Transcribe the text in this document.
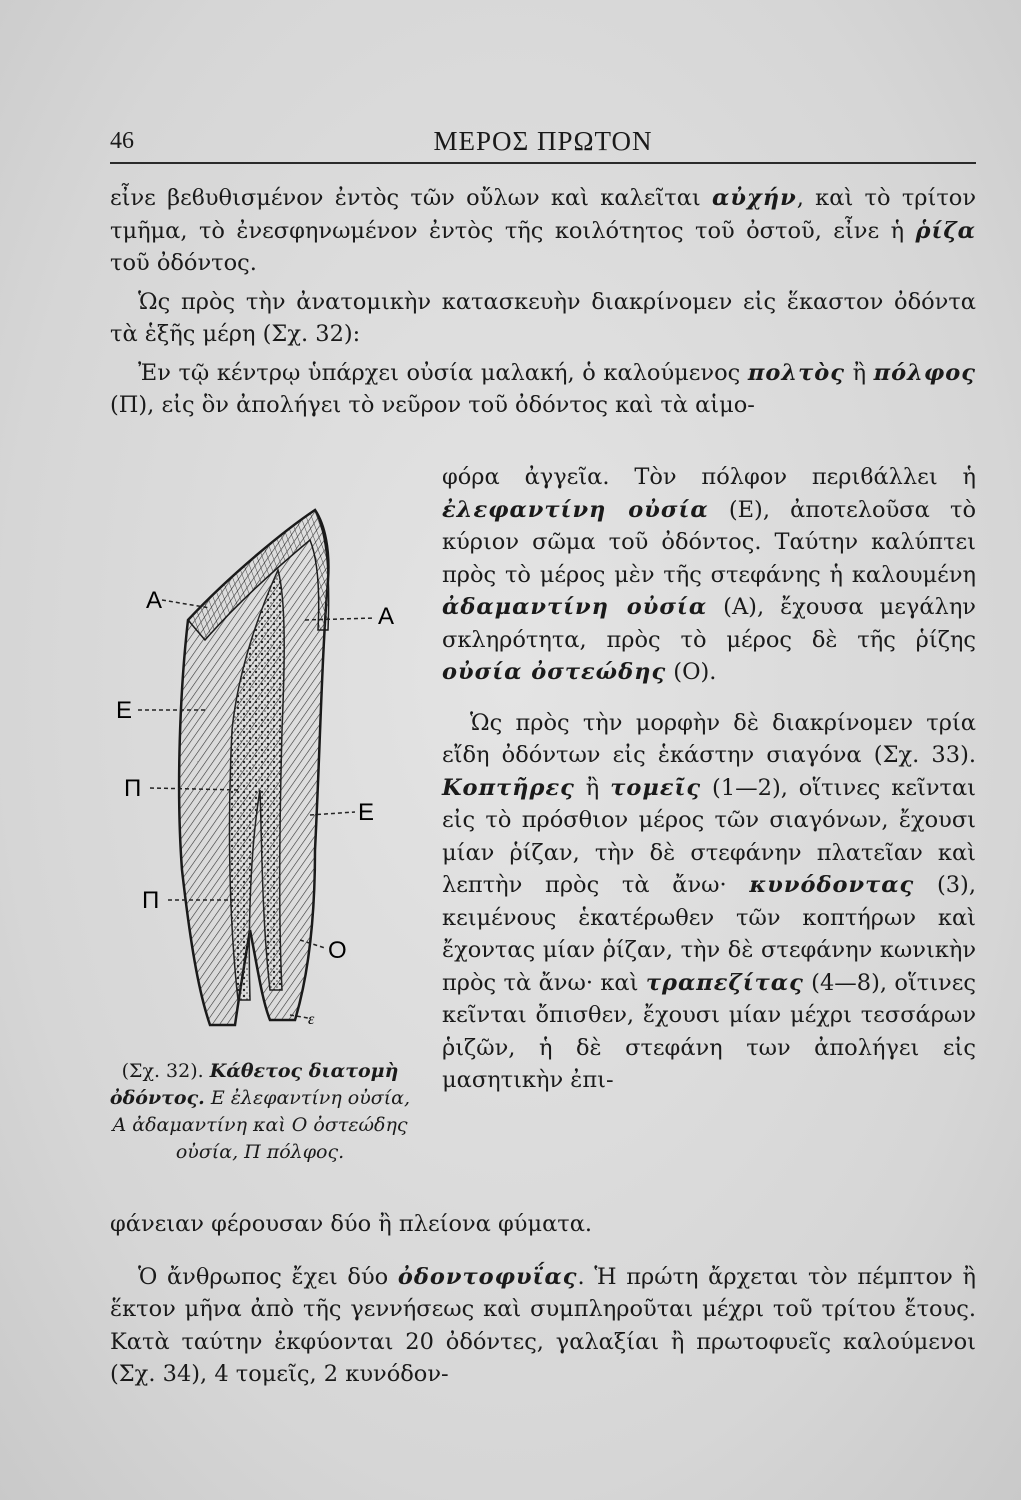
46	ΜΕΡΟΣ ΠΡΩΤΟΝ

εἶνε βεϐυθισμένον ἐντὸς τῶν οὔλων καὶ καλεῖται αὐχήν, καὶ τὸ τρίτον τμῆμα, τὸ ἐνεσφηνωμένον ἐντὸς τῆς κοιλότητος τοῦ ὀστοῦ, εἶνε ἡ ῥίζα τοῦ ὀδόντος.

Ὡς πρὸς τὴν ἀνατομικὴν κατασκευὴν διακρίνομεν εἰς ἕκαστον ὀδόντα τὰ ἑξῆς μέρη (Σχ. 32):

Ἐν τῷ κέντρῳ ὑπάρχει οὐσία μαλακή, ὁ καλούμενος πολτὸς ἢ πόλφος (Π), εἰς ὃν ἀπολήγει τὸ νεῦρον τοῦ ὀδόντος καὶ τὰ αἱμο-

φόρα ἀγγεῖα. Τὸν πόλφον περιϐάλλει ἡ ἐλεφαντίνη οὐσία (Ε), ἀποτελοῦσα τὸ κύριον σῶμα τοῦ ὀδόντος. Ταύτην καλύπτει πρὸς τὸ μέρος μὲν τῆς στεφάνης ἡ καλουμένη ἀδαμαντίνη οὐσία (Α), ἔχουσα μεγάλην σκληρότητα, πρὸς τὸ μέρος δὲ τῆς ῥίζης οὐσία ὀστεώδης (Ο).

Ὡς πρὸς τὴν μορφὴν δὲ διακρίνομεν τρία εἴδη ὀδόντων εἰς ἑκάστην σιαγόνα (Σχ. 33). Κοπτῆρες ἢ τομεῖς (1—2), οἵτινες κεῖνται εἰς τὸ πρόσθιον μέρος τῶν σιαγόνων, ἔχουσι μίαν ῥίζαν, τὴν δὲ στεφάνην πλατεῖαν καὶ λεπτὴν πρὸς τὰ ἄνω· κυνόδοντας (3), κειμένους ἑκατέρωθεν τῶν κοπτήρων καὶ ἔχοντας μίαν ῥίζαν, τὴν δὲ στεφάνην κωνικὴν πρὸς τὰ ἄνω· καὶ τραπεζίτας (4—8), οἵτινες κεῖνται ὄπισθεν, ἔχουσι μίαν μέχρι τεσσάρων ῥιζῶν, ἡ δὲ στεφάνη των ἀπολήγει εἰς μασητικὴν ἐπι-

Α
Α
Ε
Π
Ε
Π
Ο
ε
(Σχ. 32). Κάθετος διατομὴ ὀδόντος. Ε ἐλεφαντίνη οὐσία, Α ἀδαμαντίνη καὶ Ο ὀστεώδης οὐσία, Π πόλφος.

φάνειαν φέρουσαν δύο ἢ πλείονα φύματα.

Ὁ ἄνθρωπος ἔχει δύο ὀδοντοφυΐας. Ἡ πρώτη ἄρχεται τὸν πέμπτον ἢ ἕκτον μῆνα ἀπὸ τῆς γεννήσεως καὶ συμπληροῦται μέχρι τοῦ τρίτου ἔτους. Κατὰ ταύτην ἐκφύονται 20 ὀδόντες, γαλαξίαι ἢ πρωτοφυεῖς καλούμενοι (Σχ. 34), 4 τομεῖς, 2 κυνόδον-
